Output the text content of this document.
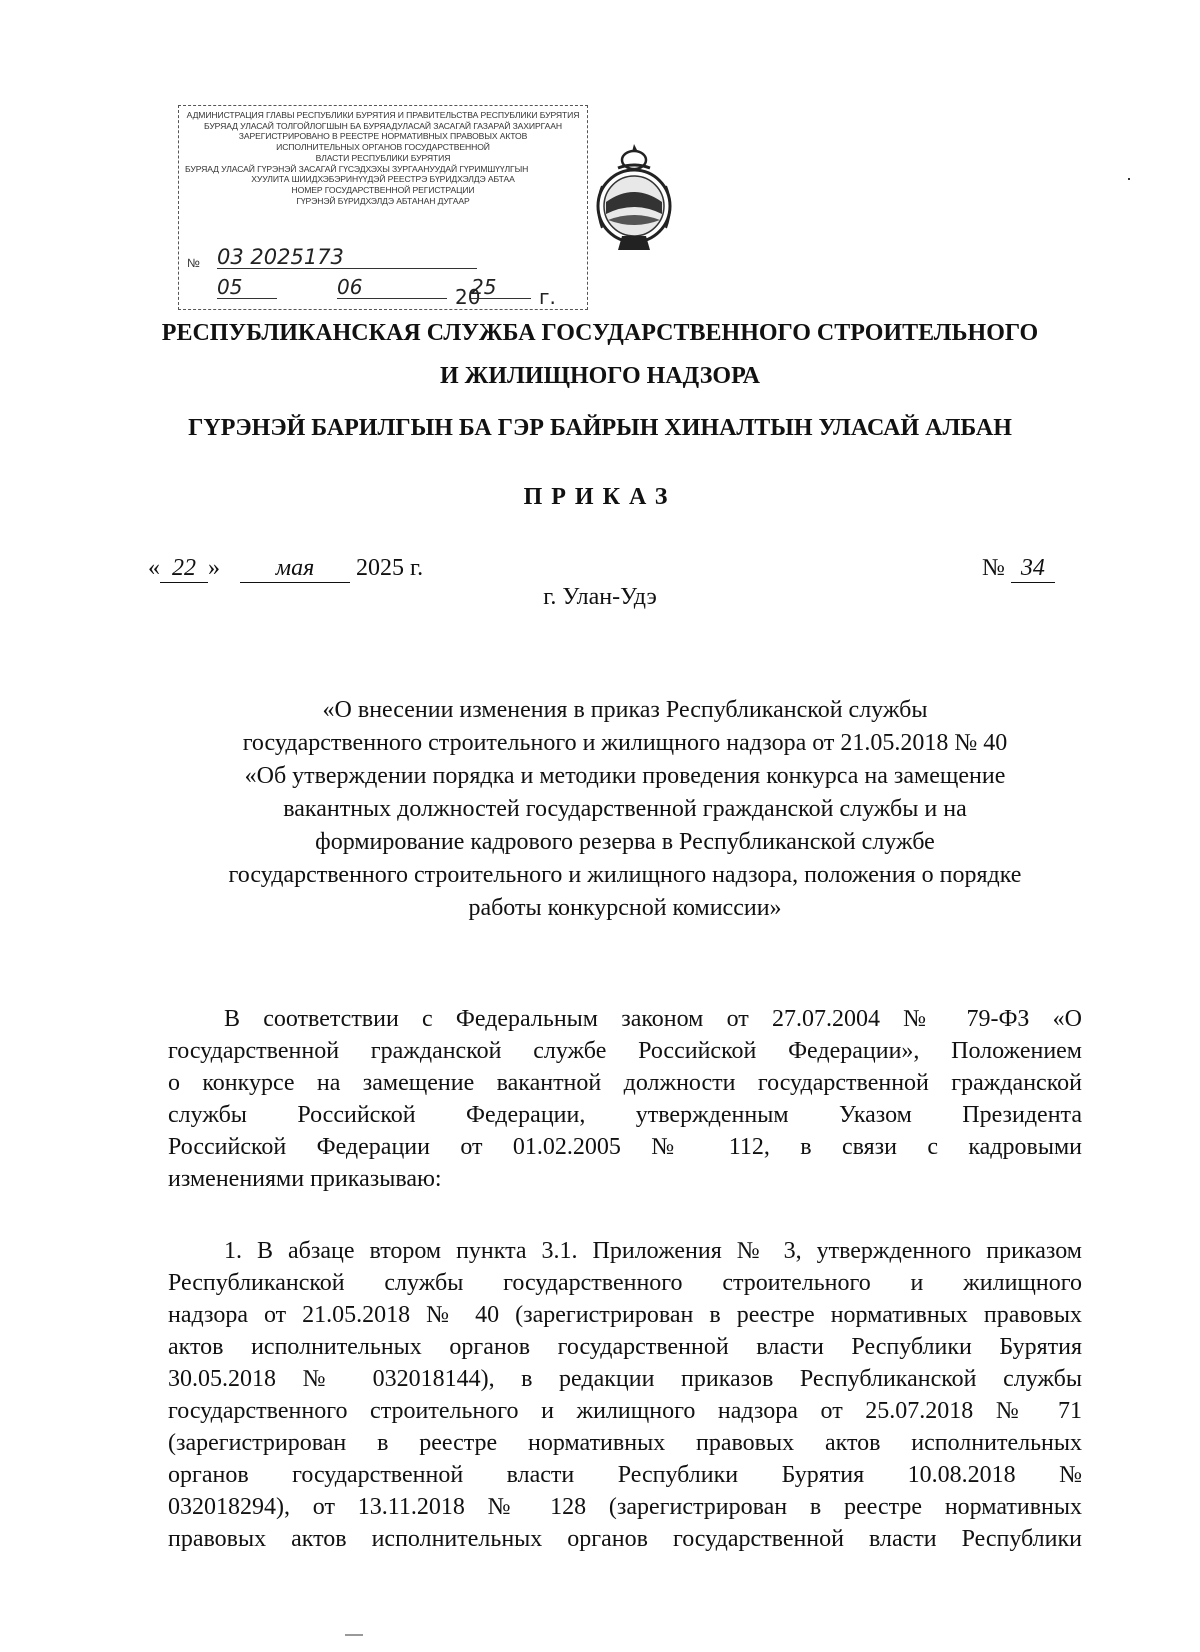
АДМИНИСТРАЦИЯ ГЛАВЫ РЕСПУБЛИКИ БУРЯТИЯ И ПРАВИТЕЛЬСТВА РЕСПУБЛИКИ БУРЯТИЯ
БУРЯАД УЛАСАЙ ТОЛГОЙЛОГШЫН БА БУРЯАДУЛАСАЙ ЗАСАГАЙ ГАЗАРАЙ ЗАХИРГААН
ЗАРЕГИСТРИРОВАНО В РЕЕСТРЕ НОРМАТИВНЫХ ПРАВОВЫХ АКТОВ
ИСПОЛНИТЕЛЬНЫХ ОРГАНОВ ГОСУДАРСТВЕННОЙ
ВЛАСТИ РЕСПУБЛИКИ БУРЯТИЯ
БУРЯАД УЛАСАЙ ГҮРЭНЭЙ ЗАСАГАЙ ГҮСЭДХЭХЫ ЗУРГААНУУДАЙ ГҮРИМШҮҮЛГЫН
ХУУЛИТА ШИИДХЭБЭРИНҮҮДЭЙ РЕЕСТРЭ БҮРИДХЭЛДЭ АБТАА
НОМЕР ГОСУДАРСТВЕННОЙ РЕГИСТРАЦИИ
ГҮРЭНЭЙ БҮРИДХЭЛДЭ АБТАHАН ДУГААР
№ 03 2025173
05	06	20
25	г.
РЕСПУБЛИКАНСКАЯ СЛУЖБА ГОСУДАРСТВЕННОГО СТРОИТЕЛЬНОГО
И ЖИЛИЩНОГО НАДЗОРА
ГҮРЭНЭЙ БАРИЛГЫН БА ГЭР БАЙРЫН ХИНАЛТЫН УЛАСАЙ АЛБАН
ПРИКАЗ
« 22 » мая 2025 г.	№ 34
г. Улан-Удэ
«О внесении изменения в приказ Республиканской службы
государственного строительного и жилищного надзора от 21.05.2018 № 40
«Об утверждении порядка и методики проведения конкурса на замещение
вакантных должностей государственной гражданской службы и на
формирование кадрового резерва в Республиканской службе
государственного строительного и жилищного надзора, положения о порядке
работы конкурсной комиссии»
В соответствии с Федеральным законом от 27.07.2004 № 79-ФЗ «О
государственной гражданской службе Российской Федерации», Положением
о конкурсе на замещение вакантной должности государственной гражданской
службы Российской Федерации, утвержденным Указом Президента
Российской Федерации от 01.02.2005 № 112, в связи с кадровыми
изменениями приказываю:
1. В абзаце втором пункта 3.1. Приложения № 3, утвержденного приказом
Республиканской службы государственного строительного и жилищного
надзора от 21.05.2018 № 40 (зарегистрирован в реестре нормативных правовых
актов исполнительных органов государственной власти Республики Бурятия
30.05.2018 № 032018144), в редакции приказов Республиканской службы
государственного строительного и жилищного надзора от 25.07.2018 № 71
(зарегистрирован в реестре нормативных правовых актов исполнительных
органов государственной власти Республики Бурятия 10.08.2018 №
032018294), от 13.11.2018 № 128 (зарегистрирован в реестре нормативных
правовых актов исполнительных органов государственной власти Республики
